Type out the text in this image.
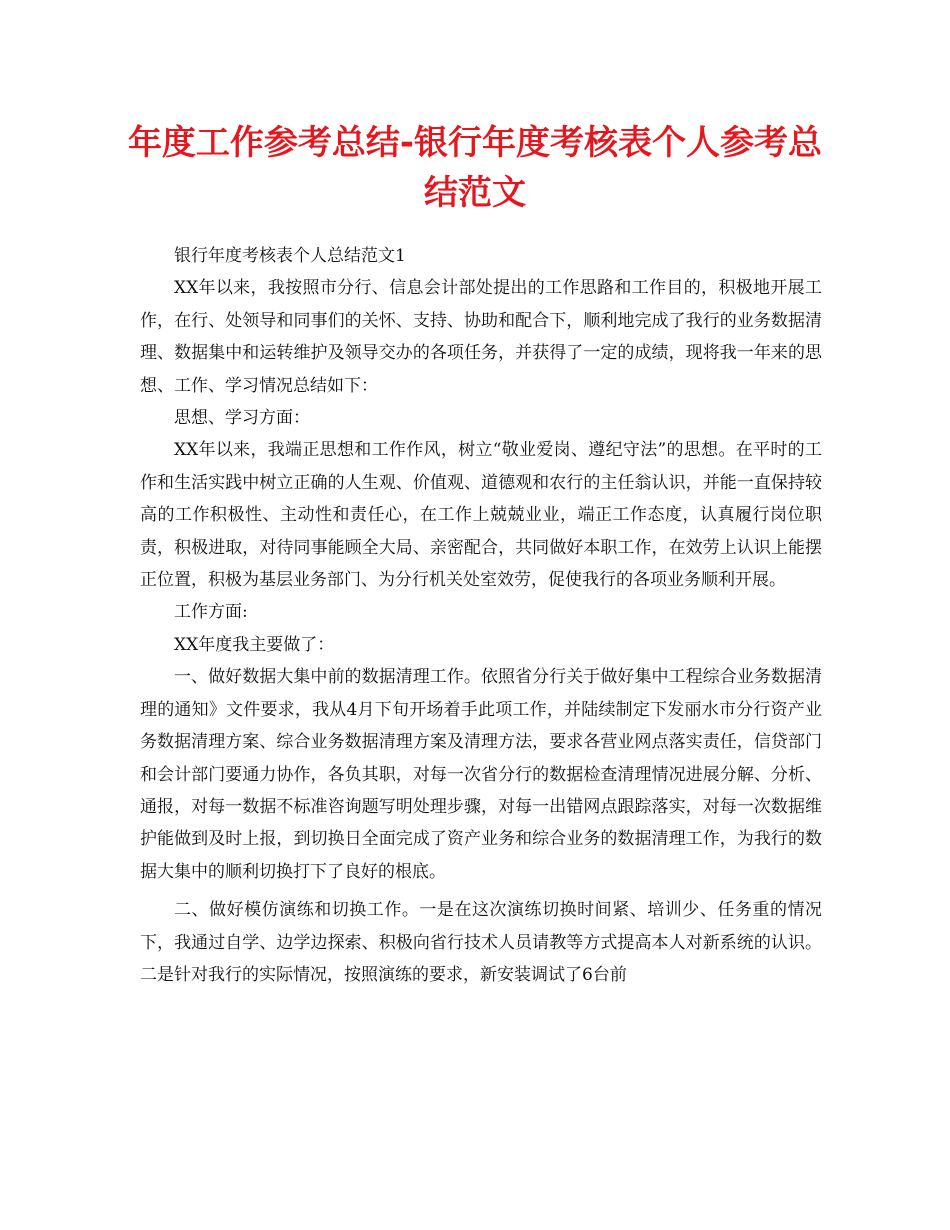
年度工作参考总结-银行年度考核表个人参考总结范文

银行年度考核表个人总结范文1

XX年以来，我按照市分行、信息会计部处提出的工作思路和工作目的，积极地开展工作，在行、处领导和同事们的关怀、支持、协助和配合下，顺利地完成了我行的业务数据清理、数据集中和运转维护及领导交办的各项任务，并获得了一定的成绩，现将我一年来的思想、工作、学习情况总结如下：

思想、学习方面：

XX年以来，我端正思想和工作作风，树立“敬业爱岗、遵纪守法”的思想。在平时的工作和生活实践中树立正确的人生观、价值观、道德观和农行的主任翁认识，并能一直保持较高的工作积极性、主动性和责任心，在工作上兢兢业业，端正工作态度，认真履行岗位职责，积极进取，对待同事能顾全大局、亲密配合，共同做好本职工作，在效劳上认识上能摆正位置，积极为基层业务部门、为分行机关处室效劳，促使我行的各项业务顺利开展。

工作方面:

XX年度我主要做了：

一、做好数据大集中前的数据清理工作。依照省分行关于做好集中工程综合业务数据清理的通知》文件要求，我从4月下旬开场着手此项工作，并陆续制定下发丽水市分行资产业务数据清理方案、综合业务数据清理方案及清理方法，要求各营业网点落实责任，信贷部门和会计部门要通力协作，各负其职，对每一次省分行的数据检查清理情况进展分解、分析、通报，对每一数据不标准咨询题写明处理步骤，对每一出错网点跟踪落实，对每一次数据维护能做到及时上报，到切换日全面完成了资产业务和综合业务的数据清理工作，为我行的数据大集中的顺利切换打下了良好的根底。

二、做好模仿演练和切换工作。一是在这次演练切换时间紧、培训少、任务重的情况下，我通过自学、边学边探索、积极向省行技术人员请教等方式提高本人对新系统的认识。二是针对我行的实际情况，按照演练的要求，新安装调试了6台前
